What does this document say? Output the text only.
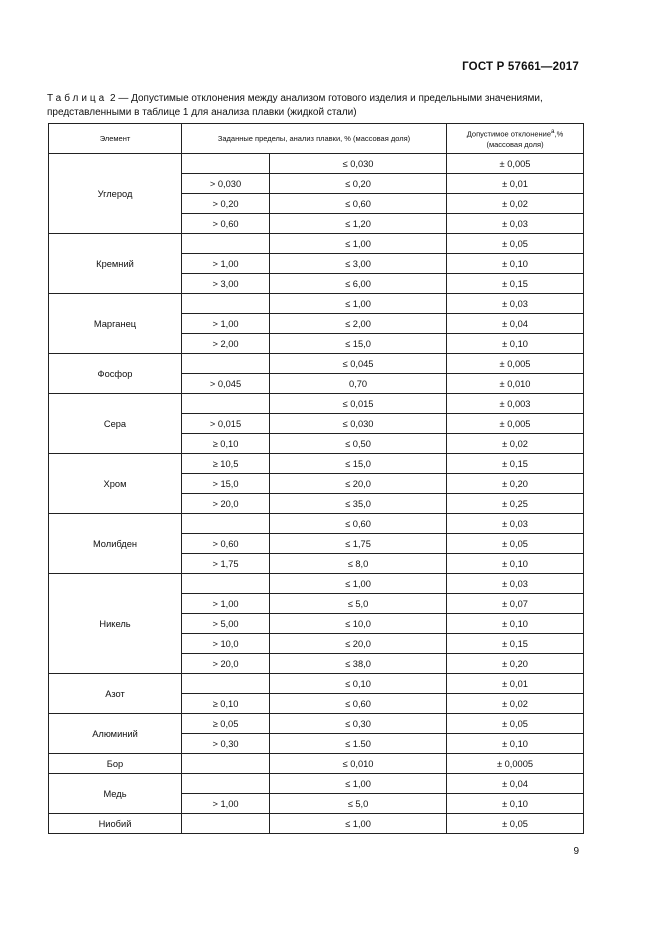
ГОСТ Р 57661—2017
Таблица 2 — Допустимые отклонения между анализом готового изделия и предельными значениями, представленными в таблице 1 для анализа плавки (жидкой стали)
Элемент	Заданные пределы, анализ плавки, % (массовая доля)		Допустимое отклонение$^a$,%
(массовая доля)
Углерод		≤ 0,030	± 0,005
	> 0,030	≤ 0,20	± 0,01
	> 0,20	≤ 0,60	± 0,02
	> 0,60	≤ 1,20	± 0,03
Кремний		≤ 1,00	± 0,05
	> 1,00	≤ 3,00	± 0,10
	> 3,00	≤ 6,00	± 0,15
Марганец		≤ 1,00	± 0,03
	> 1,00	≤ 2,00	± 0,04
	> 2,00	≤ 15,0	± 0,10
Фосфор		≤ 0,045	± 0,005
	> 0,045	0,70	± 0,010
Сера		≤ 0,015	± 0,003
	> 0,015	≤ 0,030	± 0,005
	≥ 0,10	≤ 0,50	± 0,02
Хром	≥ 10,5	≤ 15,0	± 0,15
	> 15,0	≤ 20,0	± 0,20
	> 20,0	≤ 35,0	± 0,25
Молибден		≤ 0,60	± 0,03
	> 0,60	≤ 1,75	± 0,05
	> 1,75	≤ 8,0	± 0,10
Никель		≤ 1,00	± 0,03
	> 1,00	≤ 5,0	± 0,07
	> 5,00	≤ 10,0	± 0,10
	> 10,0	≤ 20,0	± 0,15
	> 20,0	≤ 38,0	± 0,20
Азот		≤ 0,10	± 0,01
	≥ 0,10	≤ 0,60	± 0,02
Алюминий	≥ 0,05	≤ 0,30	± 0,05
	> 0,30	≤ 1.50	± 0,10
Бор		≤ 0,010	± 0,0005
Медь		≤ 1,00	± 0,04
	> 1,00	≤ 5,0	± 0,10
Ниобий		≤ 1,00	± 0,05
9
